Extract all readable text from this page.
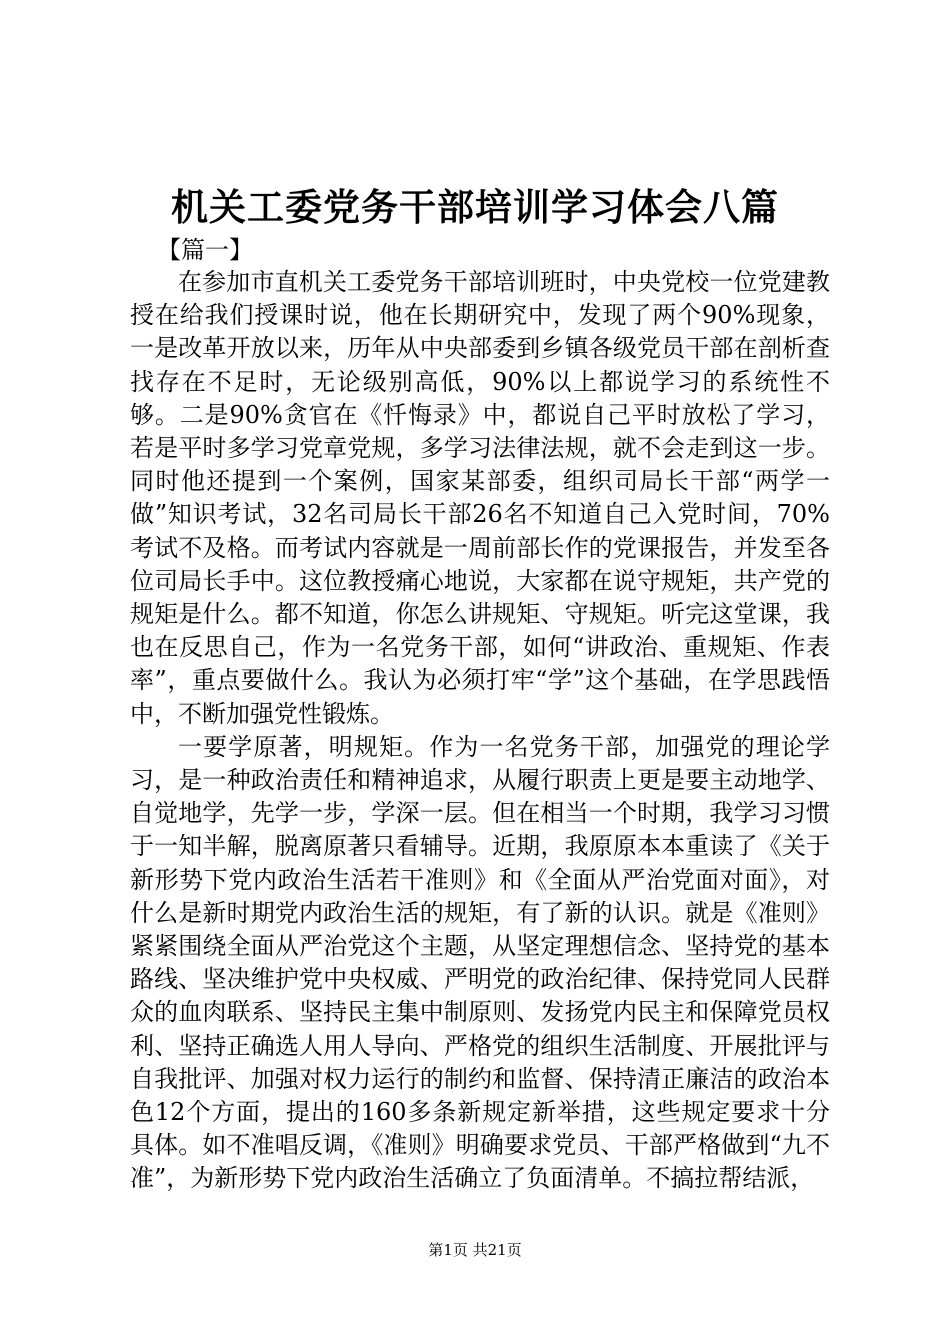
机关工委党务干部培训学习体会八篇
【篇一】

在参加市直机关工委党务干部培训班时，中央党校一位党建教授在给我们授课时说，他在长期研究中，发现了两个90%现象，一是改革开放以来，历年从中央部委到乡镇各级党员干部在剖析查找存在不足时，无论级别高低，90%以上都说学习的系统性不够。二是90%贪官在《忏悔录》中，都说自己平时放松了学习，若是平时多学习党章党规，多学习法律法规，就不会走到这一步。同时他还提到一个案例，国家某部委，组织司局长干部“两学一做”知识考试，32名司局长干部26名不知道自己入党时间，70%考试不及格。而考试内容就是一周前部长作的党课报告，并发至各位司局长手中。这位教授痛心地说，大家都在说守规矩，共产党的规矩是什么。都不知道，你怎么讲规矩、守规矩。听完这堂课，我也在反思自己，作为一名党务干部，如何“讲政治、重规矩、作表率”，重点要做什么。我认为必须打牢“学”这个基础，在学思践悟中，不断加强党性锻炼。

一要学原著，明规矩。作为一名党务干部，加强党的理论学习，是一种政治责任和精神追求，从履行职责上更是要主动地学、自觉地学，先学一步，学深一层。但在相当一个时期，我学习习惯于一知半解，脱离原著只看辅导。近期，我原原本本重读了《关于新形势下党内政治生活若干准则》和《全面从严治党面对面》，对什么是新时期党内政治生活的规矩，有了新的认识。就是《准则》紧紧围绕全面从严治党这个主题，从坚定理想信念、坚持党的基本路线、坚决维护党中央权威、严明党的政治纪律、保持党同人民群众的血肉联系、坚持民主集中制原则、发扬党内民主和保障党员权利、坚持正确选人用人导向、严格党的组织生活制度、开展批评与自我批评、加强对权力运行的制约和监督、保持清正廉洁的政治本色12个方面，提出的160多条新规定新举措，这些规定要求十分具体。如不准唱反调，《准则》明确要求党员、干部严格做到“九不准”，为新形势下党内政治生活确立了负面清单。不搞拉帮结派，

第1页 共21页
